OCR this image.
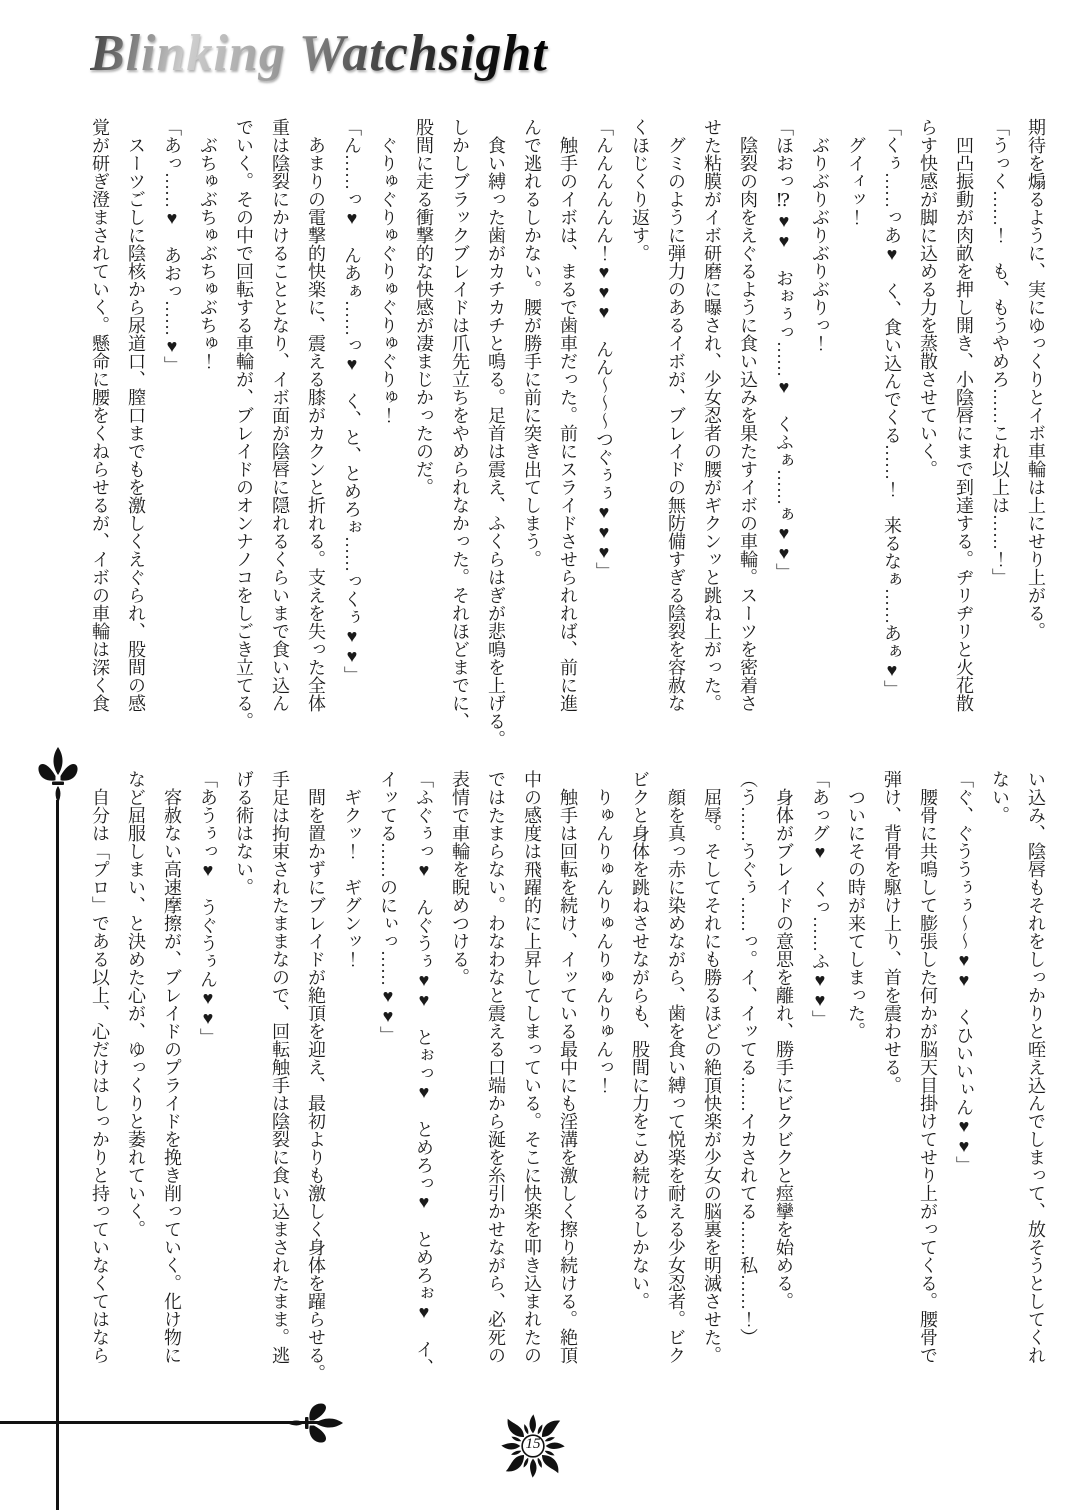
Blinking Watchsight

期待を煽るように、実にゆっくりとイボ車輪は上にせり上がる。

「うっく……！　も、もうやめろ……これ以上は……！」

凹凸振動が肉畝を押し開き、小陰唇にまで到達する。ヂリヂリと火花散

らす快感が脚に込める力を蒸散させていく。

「くぅ……っあ♥　く、食い込んでくる……！　来るなぁ……あぁ♥」

グイィッ！

ぶりぶりぶりぶりぶりっ！

「ほおっ⁉♥♥　おぉぅっ……♥　くふぁ……ぁ♥♥」

陰裂の肉をえぐるように食い込みを果たすイボの車輪。スーツを密着さ

せた粘膜がイボ研磨に曝され、少女忍者の腰がギクンッと跳ね上がった。

グミのように弾力のあるイボが、ブレイドの無防備すぎる陰裂を容赦な

くほじくり返す。

「んんんんんん！♥♥♥　んん〜〜〜つぐぅぅ♥♥♥」

触手のイボは、まるで歯車だった。前にスライドさせられれば、前に進

んで逃れるしかない。腰が勝手に前に突き出てしまう。

食い縛った歯がカチカチと鳴る。足首は震え、ふくらはぎが悲鳴を上げる。

しかしブラックブレイドは爪先立ちをやめられなかった。それほどまでに、

股間に走る衝撃的な快感が凄まじかったのだ。

ぐりゅぐりゅぐりゅぐりゅぐりゅ！

「ん……っ♥　んあぁ……っ♥　く、と、とめろぉ……っくぅ♥♥」

あまりの電撃的快楽に、震える膝がカクンと折れる。支えを失った全体

重は陰裂にかけることとなり、イボ面が陰唇に隠れるくらいまで食い込ん

でいく。その中で回転する車輪が、ブレイドのオンナノコをしごき立てる。

ぶちゅぶちゅぶちゅぶちゅ！

「あっ……♥　あおっ……♥」

スーツごしに陰核から尿道口、膣口までもを激しくえぐられ、股間の感

覚が研ぎ澄まされていく。懸命に腰をくねらせるが、イボの車輪は深く食

い込み、陰唇もそれをしっかりと咥え込んでしまって、放そうとしてくれ

ない。

「ぐ、ぐううぅぅ〜〜♥♥　くひいいぃん♥♥」

腰骨に共鳴して膨張した何かが脳天目掛けてせり上がってくる。腰骨で

弾け、背骨を駆け上り、首を震わせる。

ついにその時が来てしまった。

「あっグ♥　くっ……ふ♥♥」

身体がブレイドの意思を離れ、勝手にビクビクと痙攣を始める。

（う……うぐぅ……っ。イ、イッてる……イカされてる……私……！）

屈辱。そしてそれにも勝るほどの絶頂快楽が少女の脳裏を明滅させた。

顔を真っ赤に染めながら、歯を食い縛って悦楽を耐える少女忍者。ビク

ビクと身体を跳ねさせながらも、股間に力をこめ続けるしかない。

りゅんりゅんりゅんりゅんりゅんっ！

触手は回転を続け、イッている最中にも淫溝を激しく擦り続ける。絶頂

中の感度は飛躍的に上昇してしまっている。そこに快楽を叩き込まれたの

ではたまらない。わなわなと震える口端から涎を糸引かせながら、必死の

表情で車輪を睨めつける。

「ふぐぅっ♥　んぐうぅ♥♥　とぉっ♥　とめろっ♥　とめろぉ♥　イ、

イッてる……のにぃっ……♥♥」

ギクッ！　ギグンッ！

間を置かずにブレイドが絶頂を迎え、最初よりも激しく身体を躍らせる。

手足は拘束されたままなので、回転触手は陰裂に食い込まされたまま。逃

げる術はない。

「あうぅっ♥　うぐうぅん♥♥」

容赦ない高速摩擦が、ブレイドのプライドを挽き削っていく。化け物に

など屈服しまい、と決めた心が、ゆっくりと萎れていく。

自分は「プロ」である以上、心だけはしっかりと持っていなくてはなら

15
